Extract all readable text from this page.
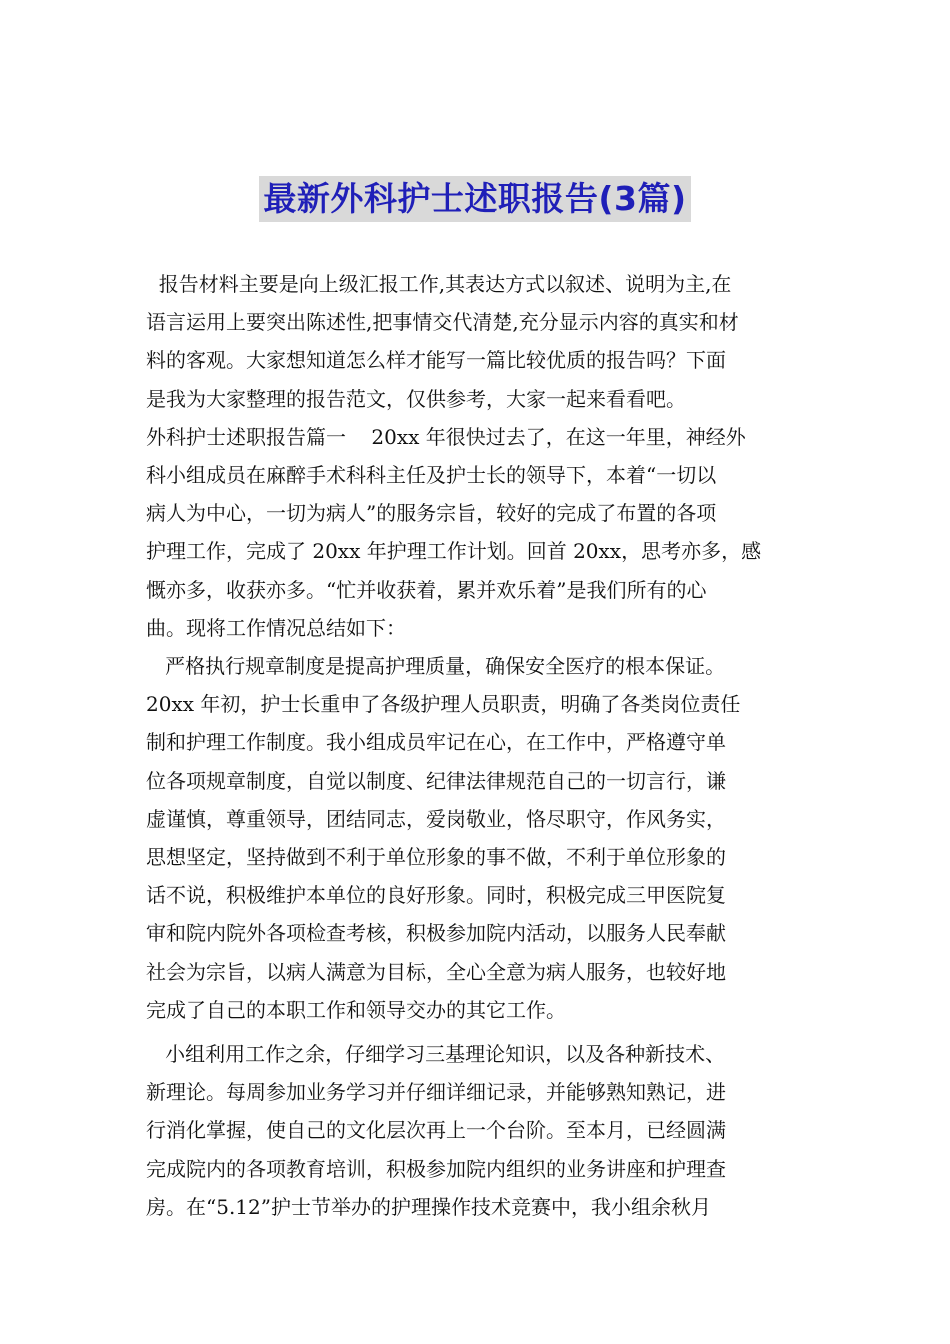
最新外科护士述职报告(3篇)

报告材料主要是向上级汇报工作,其表达方式以叙述、说明为主,在

语言运用上要突出陈述性,把事情交代清楚,充分显示内容的真实和材

料的客观。大家想知道怎么样才能写一篇比较优质的报告吗？下面

是我为大家整理的报告范文，仅供参考，大家一起来看看吧。

外科护士述职报告篇一    20xx 年很快过去了，在这一年里，神经外

科小组成员在麻醉手术科科主任及护士长的领导下，本着“一切以

病人为中心，一切为病人”的服务宗旨，较好的完成了布置的各项

护理工作，完成了 20xx 年护理工作计划。回首 20xx，思考亦多，感

慨亦多，收获亦多。“忙并收获着，累并欢乐着”是我们所有的心

曲。现将工作情况总结如下：

严格执行规章制度是提高护理质量，确保安全医疗的根本保证。

20xx 年初，护士长重申了各级护理人员职责，明确了各类岗位责任

制和护理工作制度。我小组成员牢记在心，在工作中，严格遵守单

位各项规章制度，自觉以制度、纪律法律规范自己的一切言行，谦

虚谨慎，尊重领导，团结同志，爱岗敬业，恪尽职守，作风务实，

思想坚定，坚持做到不利于单位形象的事不做，不利于单位形象的

话不说，积极维护本单位的良好形象。同时，积极完成三甲医院复

审和院内院外各项检查考核，积极参加院内活动，以服务人民奉献

社会为宗旨，以病人满意为目标，全心全意为病人服务，也较好地

完成了自己的本职工作和领导交办的其它工作。

小组利用工作之余，仔细学习三基理论知识，以及各种新技术、

新理论。每周参加业务学习并仔细详细记录，并能够熟知熟记，进

行消化掌握，使自己的文化层次再上一个台阶。至本月，已经圆满

完成院内的各项教育培训，积极参加院内组织的业务讲座和护理查

房。在“5.12”护士节举办的护理操作技术竞赛中，我小组余秋月
